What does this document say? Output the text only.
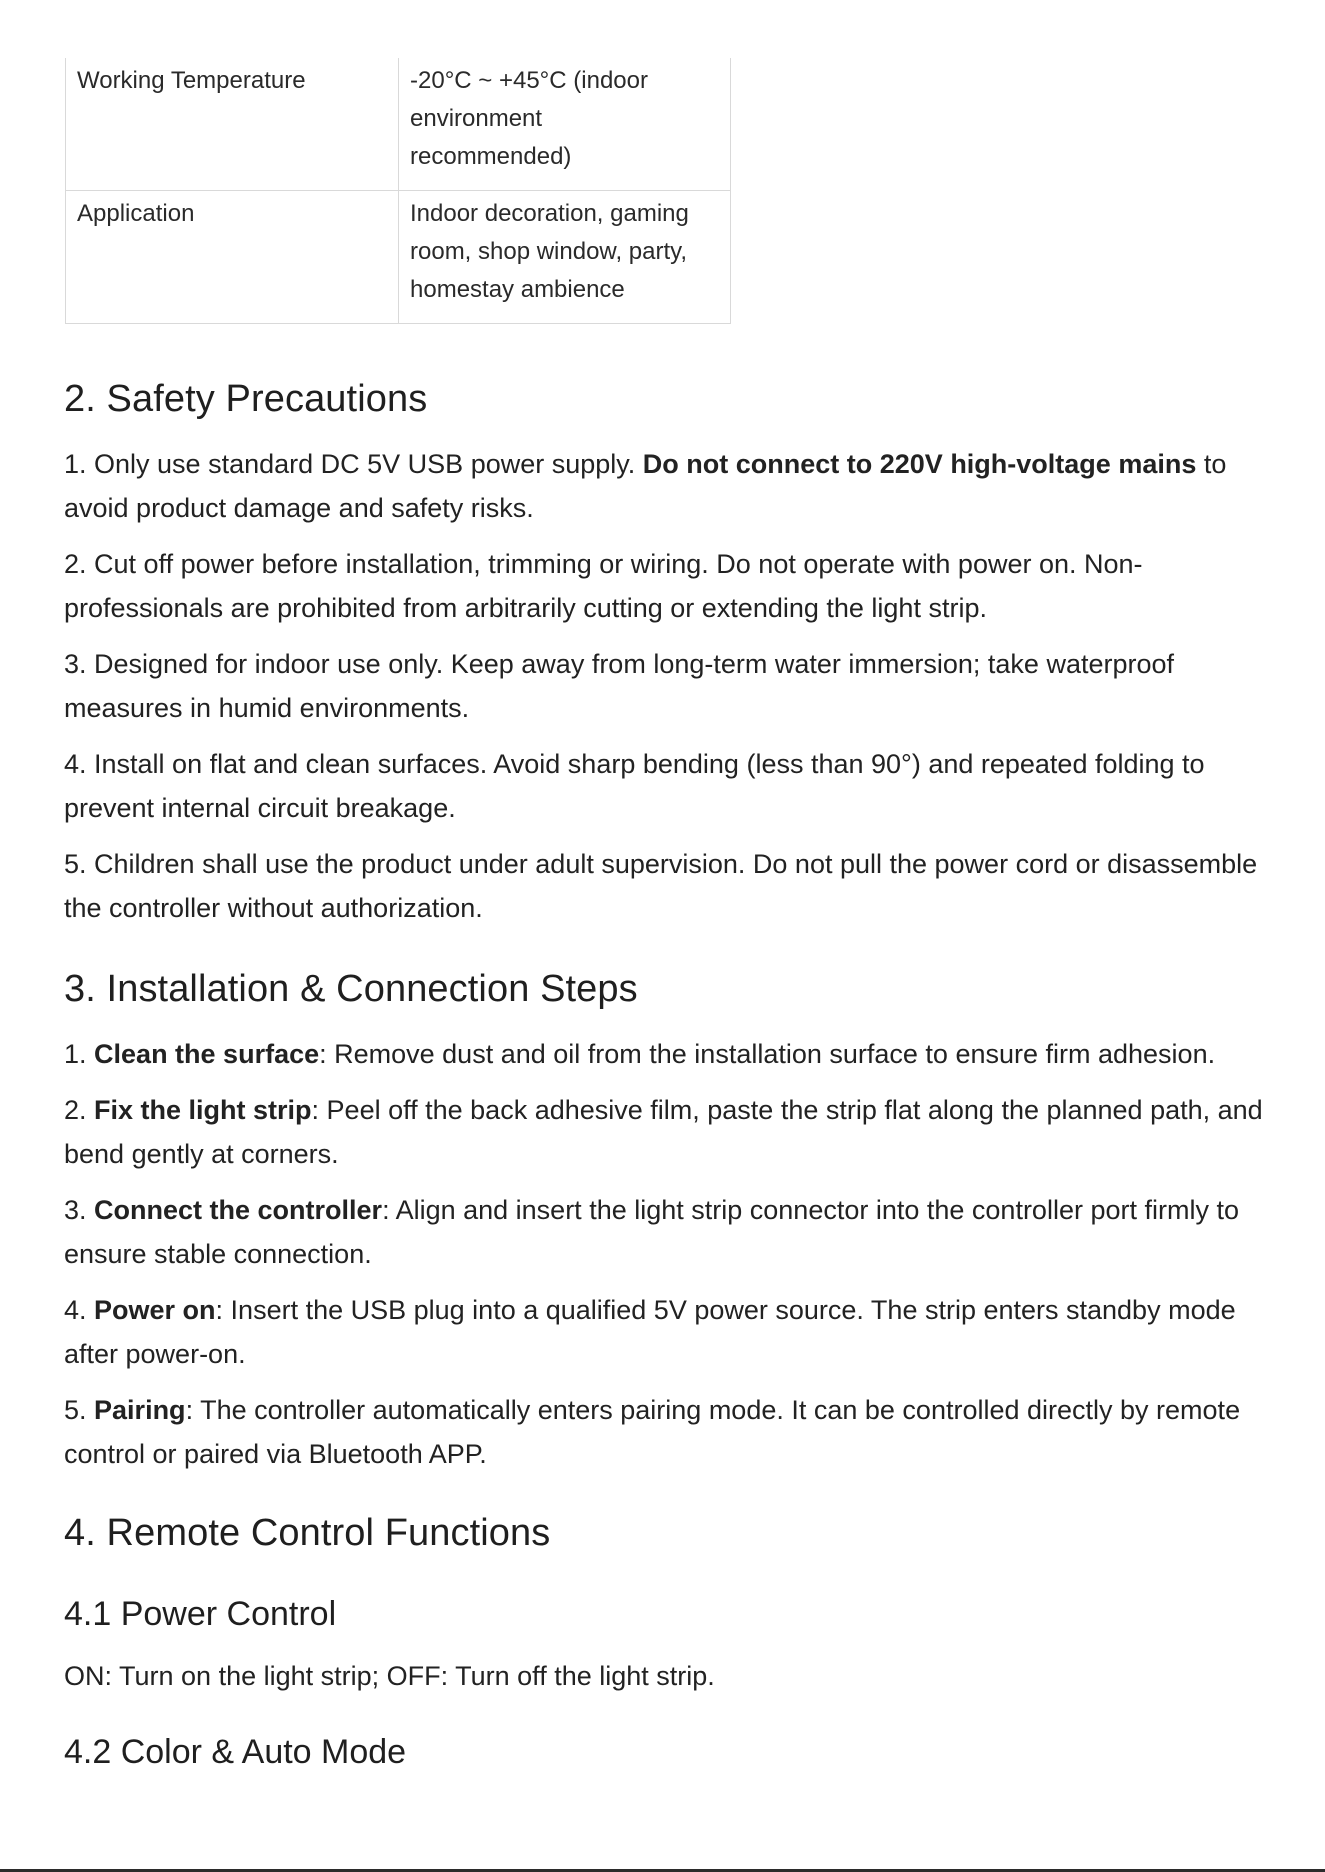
Working Temperature	-20°C ~ +45°C (indoor
environment
recommended)

Application	Indoor decoration, gaming
room, shop window, party,
homestay ambience
2. Safety Precautions

1. Only use standard DC 5V USB power supply. Do not connect to 220V high-voltage mains to avoid product damage and safety risks.

2. Cut off power before installation, trimming or wiring. Do not operate with power on. Non-professionals are prohibited from arbitrarily cutting or extending the light strip.

3. Designed for indoor use only. Keep away from long-term water immersion; take waterproof measures in humid environments.

4. Install on flat and clean surfaces. Avoid sharp bending (less than 90°) and repeated folding to prevent internal circuit breakage.

5. Children shall use the product under adult supervision. Do not pull the power cord or disassemble the controller without authorization.

3. Installation & Connection Steps

1. Clean the surface: Remove dust and oil from the installation surface to ensure firm adhesion.

2. Fix the light strip: Peel off the back adhesive film, paste the strip flat along the planned path, and bend gently at corners.

3. Connect the controller: Align and insert the light strip connector into the controller port firmly to ensure stable connection.

4. Power on: Insert the USB plug into a qualified 5V power source. The strip enters standby mode after power-on.

5. Pairing: The controller automatically enters pairing mode. It can be controlled directly by remote control or paired via Bluetooth APP.

4. Remote Control Functions
4.1 Power Control

ON: Turn on the light strip; OFF: Turn off the light strip.

4.2 Color & Auto Mode
